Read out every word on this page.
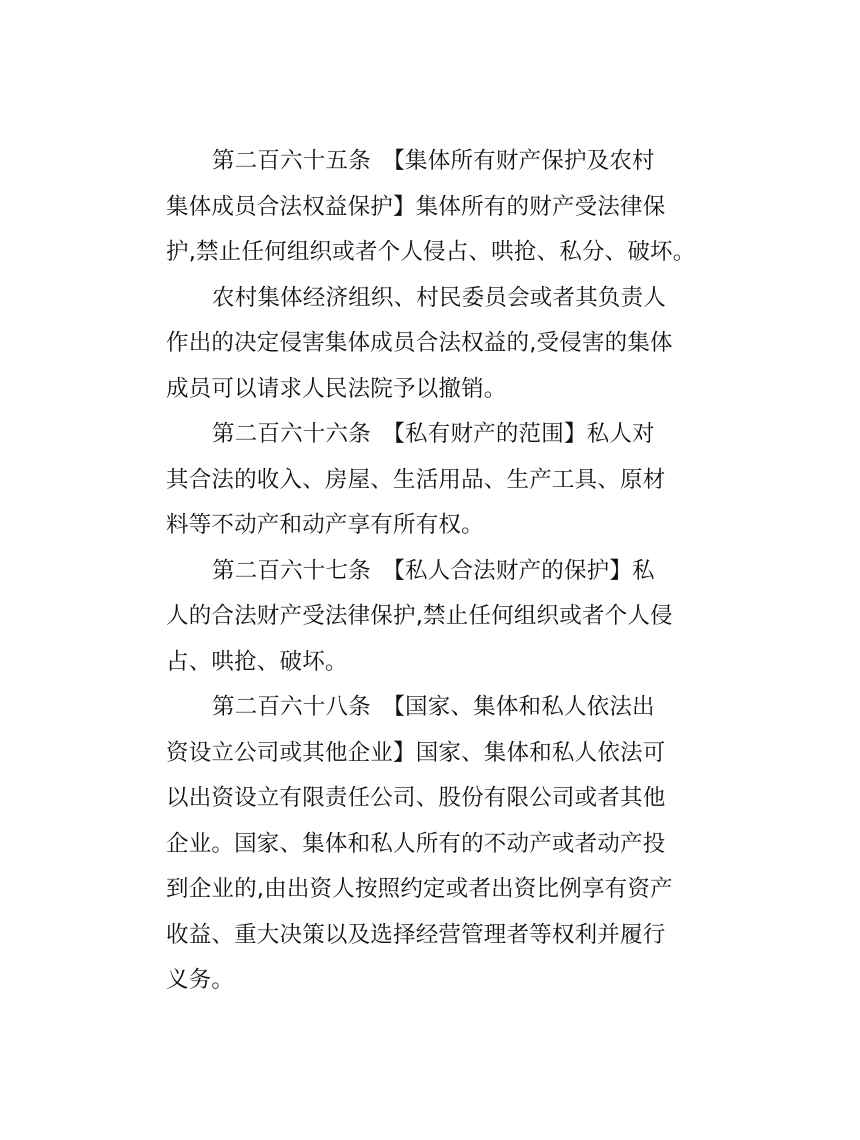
第二百六十五条　【集体所有财产保护及农村
集体成员合法权益保护】集体所有的财产受法律保
护,禁止任何组织或者个人侵占、哄抢、私分、破坏。

农村集体经济组织、村民委员会或者其负责人
作出的决定侵害集体成员合法权益的,受侵害的集体
成员可以请求人民法院予以撤销。

第二百六十六条　【私有财产的范围】私人对
其合法的收入、房屋、生活用品、生产工具、原材
料等不动产和动产享有所有权。

第二百六十七条　【私人合法财产的保护】私
人的合法财产受法律保护,禁止任何组织或者个人侵
占、哄抢、破坏。

第二百六十八条　【国家、集体和私人依法出
资设立公司或其他企业】国家、集体和私人依法可
以出资设立有限责任公司、股份有限公司或者其他
企业。国家、集体和私人所有的不动产或者动产投
到企业的,由出资人按照约定或者出资比例享有资产
收益、重大决策以及选择经营管理者等权利并履行
义务。
